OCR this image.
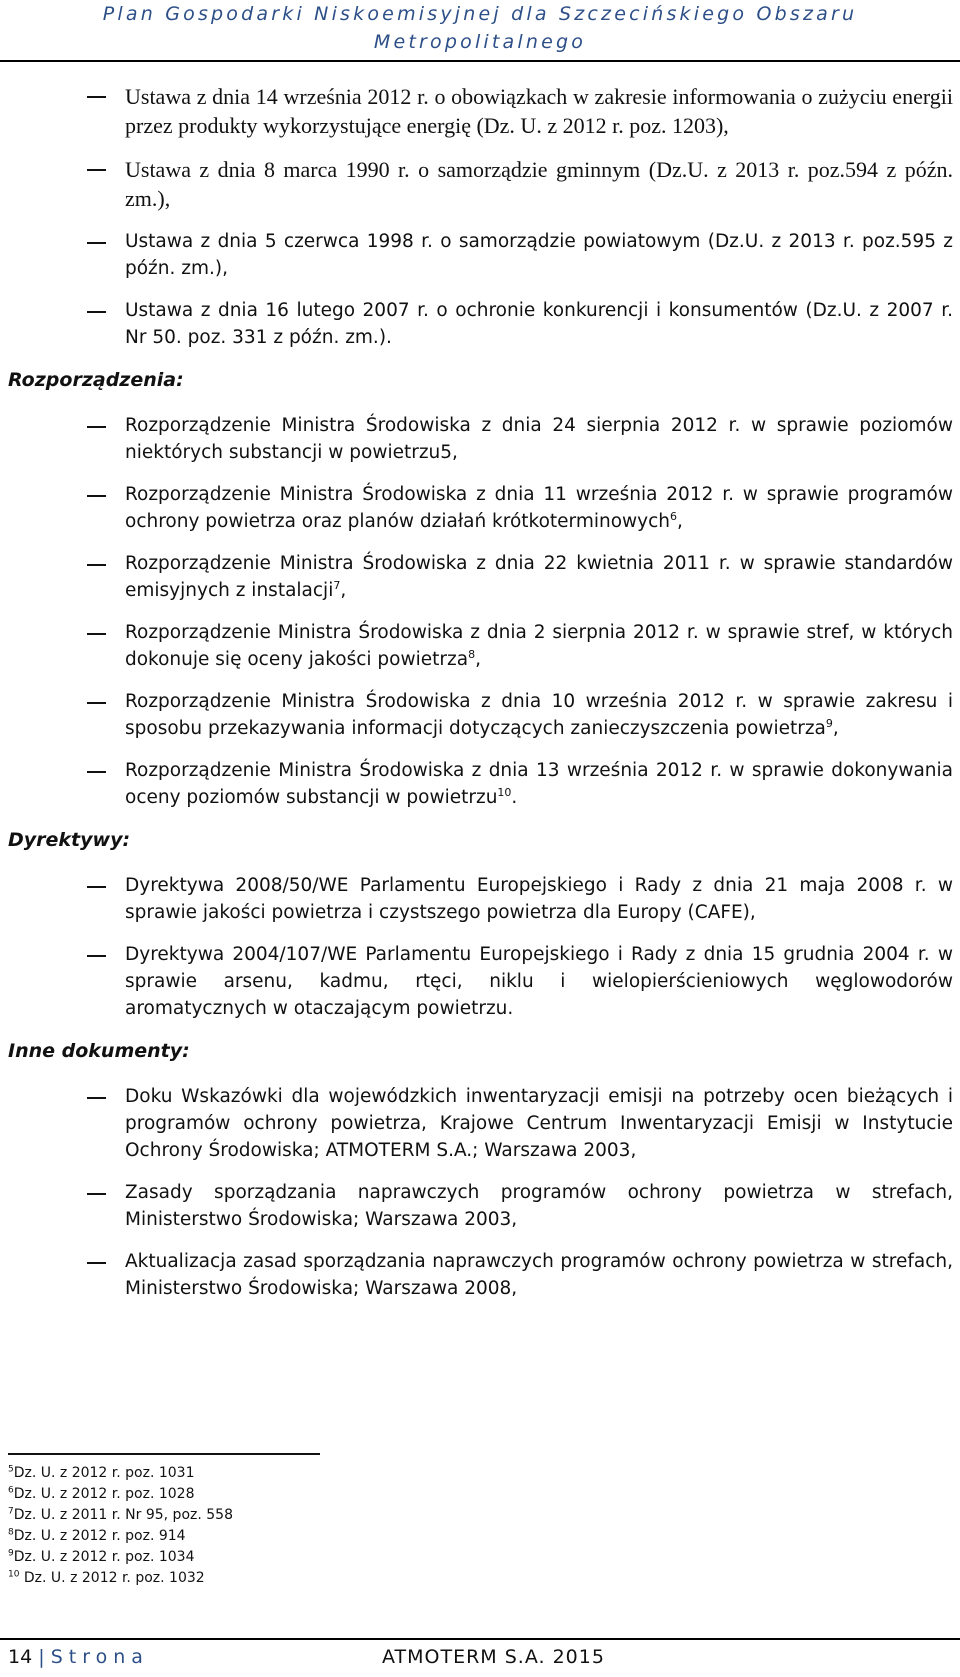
Plan Gospodarki Niskoemisyjnej dla Szczecińskiego Obszaru
Metropolitalnego
Ustawa z dnia 14 września 2012 r. o obowiązkach w zakresie informowania o zużyciu energii przez produkty wykorzystujące energię (Dz. U. z 2012 r. poz. 1203),
Ustawa z dnia 8 marca 1990 r. o samorządzie gminnym (Dz.U. z 2013 r. poz.594 z późn. zm.),
Ustawa z dnia 5 czerwca 1998 r. o samorządzie powiatowym (Dz.U. z 2013 r. poz.595 z późn. zm.),
Ustawa z dnia 16 lutego 2007 r. o ochronie konkurencji i konsumentów (Dz.U. z 2007 r. Nr 50. poz. 331 z późn. zm.).
Rozporządzenia:
Rozporządzenie Ministra Środowiska z dnia 24 sierpnia 2012 r. w sprawie poziomów niektórych substancji w powietrzu5,
Rozporządzenie Ministra Środowiska z dnia 11 września 2012 r. w sprawie programów ochrony powietrza oraz planów działań krótkoterminowych$^6$,
Rozporządzenie Ministra Środowiska z dnia 22 kwietnia 2011 r. w sprawie standardów emisyjnych z instalacji$^7$,
Rozporządzenie Ministra Środowiska z dnia 2 sierpnia 2012 r. w sprawie stref, w których dokonuje się oceny jakości powietrza$^8$,
Rozporządzenie Ministra Środowiska z dnia 10 września 2012 r. w sprawie zakresu i sposobu przekazywania informacji dotyczących zanieczyszczenia powietrza$^9$,
Rozporządzenie Ministra Środowiska z dnia 13 września 2012 r. w sprawie dokonywania oceny poziomów substancji w powietrzu$^{10}$.
Dyrektywy:
Dyrektywa 2008/50/WE Parlamentu Europejskiego i Rady z dnia 21 maja 2008 r. w sprawie jakości powietrza i czystszego powietrza dla Europy (CAFE),
Dyrektywa 2004/107/WE Parlamentu Europejskiego i Rady z dnia 15 grudnia 2004 r. w sprawie arsenu, kadmu, rtęci, niklu i wielopierścieniowych węglowodorów aromatycznych w otaczającym powietrzu.
Inne dokumenty:
Doku Wskazówki dla wojewódzkich inwentaryzacji emisji na potrzeby ocen bieżących i programów ochrony powietrza, Krajowe Centrum Inwentaryzacji Emisji w Instytucie Ochrony Środowiska; ATMOTERM S.A.; Warszawa 2003,
Zasady sporządzania naprawczych programów ochrony powietrza w strefach, Ministerstwo Środowiska; Warszawa 2003,
Aktualizacja zasad sporządzania naprawczych programów ochrony powietrza w strefach, Ministerstwo Środowiska; Warszawa 2008,
$^5$Dz. U. z 2012 r. poz. 1031
$^6$Dz. U. z 2012 r. poz. 1028
$^7$Dz. U. z 2011 r. Nr 95, poz. 558
$^8$Dz. U. z 2012 r. poz. 914
$^9$Dz. U. z 2012 r. poz. 1034
$^{10}$ Dz. U. z 2012 r. poz. 1032
14 | Strona	ATMOTERM S.A. 2015
